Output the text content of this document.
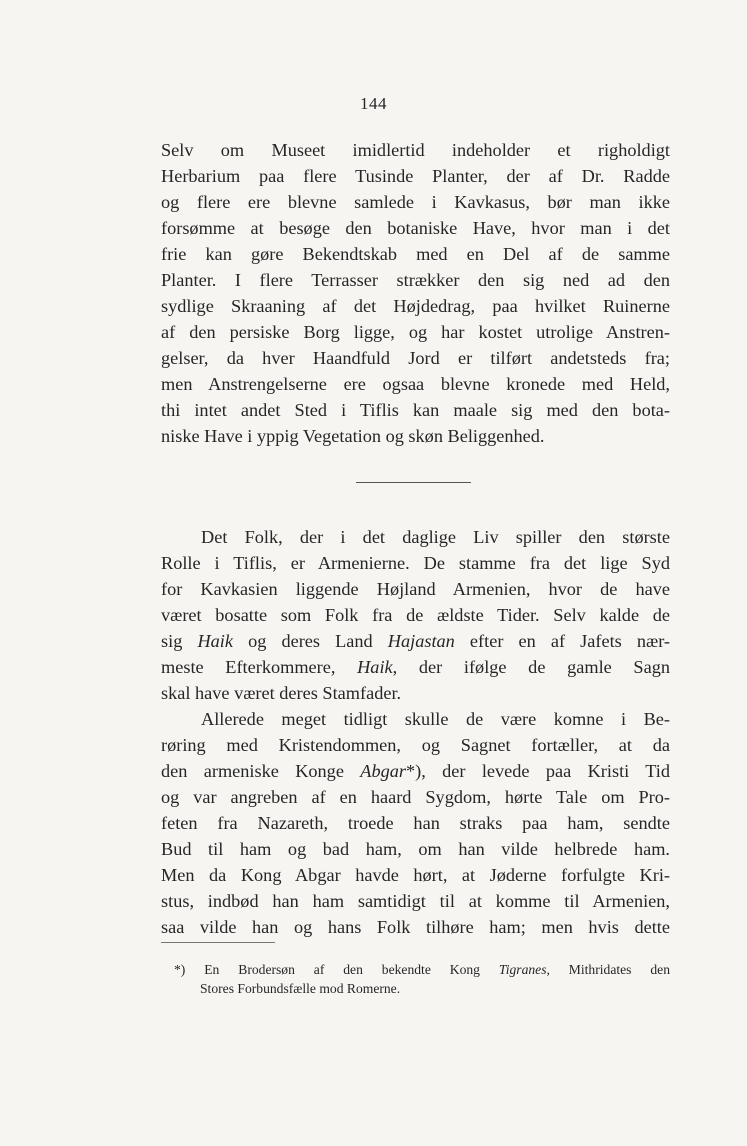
144
Selv om Museet imidlertid indeholder et righoldigt
Herbarium paa flere Tusinde Planter, der af Dr. Radde
og flere ere blevne samlede i Kavkasus, bør man ikke
forsømme at besøge den botaniske Have, hvor man i det
frie kan gøre Bekendtskab med en Del af de samme
Planter. I flere Terrasser strækker den sig ned ad den
sydlige Skraaning af det Højdedrag, paa hvilket Ruinerne
af den persiske Borg ligge, og har kostet utrolige Anstren-
gelser, da hver Haandfuld Jord er tilført andetsteds fra;
men Anstrengelserne ere ogsaa blevne kronede med Held,
thi intet andet Sted i Tiflis kan maale sig med den bota-
niske Have i yppig Vegetation og skøn Beliggenhed.
Det Folk, der i det daglige Liv spiller den største
Rolle i Tiflis, er Armenierne. De stamme fra det lige Syd
for Kavkasien liggende Højland Armenien, hvor de have
været bosatte som Folk fra de ældste Tider. Selv kalde de
sig Haik og deres Land Hajastan efter en af Jafets nær-
meste Efterkommere, Haik, der ifølge de gamle Sagn
skal have været deres Stamfader.
Allerede meget tidligt skulle de være komne i Be-
røring med Kristendommen, og Sagnet fortæller, at da
den armeniske Konge Abgar*), der levede paa Kristi Tid
og var angreben af en haard Sygdom, hørte Tale om Pro-
feten fra Nazareth, troede han straks paa ham, sendte
Bud til ham og bad ham, om han vilde helbrede ham.
Men da Kong Abgar havde hørt, at Jøderne forfulgte Kri-
stus, indbød han ham samtidigt til at komme til Armenien,
saa vilde han og hans Folk tilhøre ham; men hvis dette
*) En Brodersøn af den bekendte Kong Tigranes, Mithridates den
Stores Forbundsfælle mod Romerne.
